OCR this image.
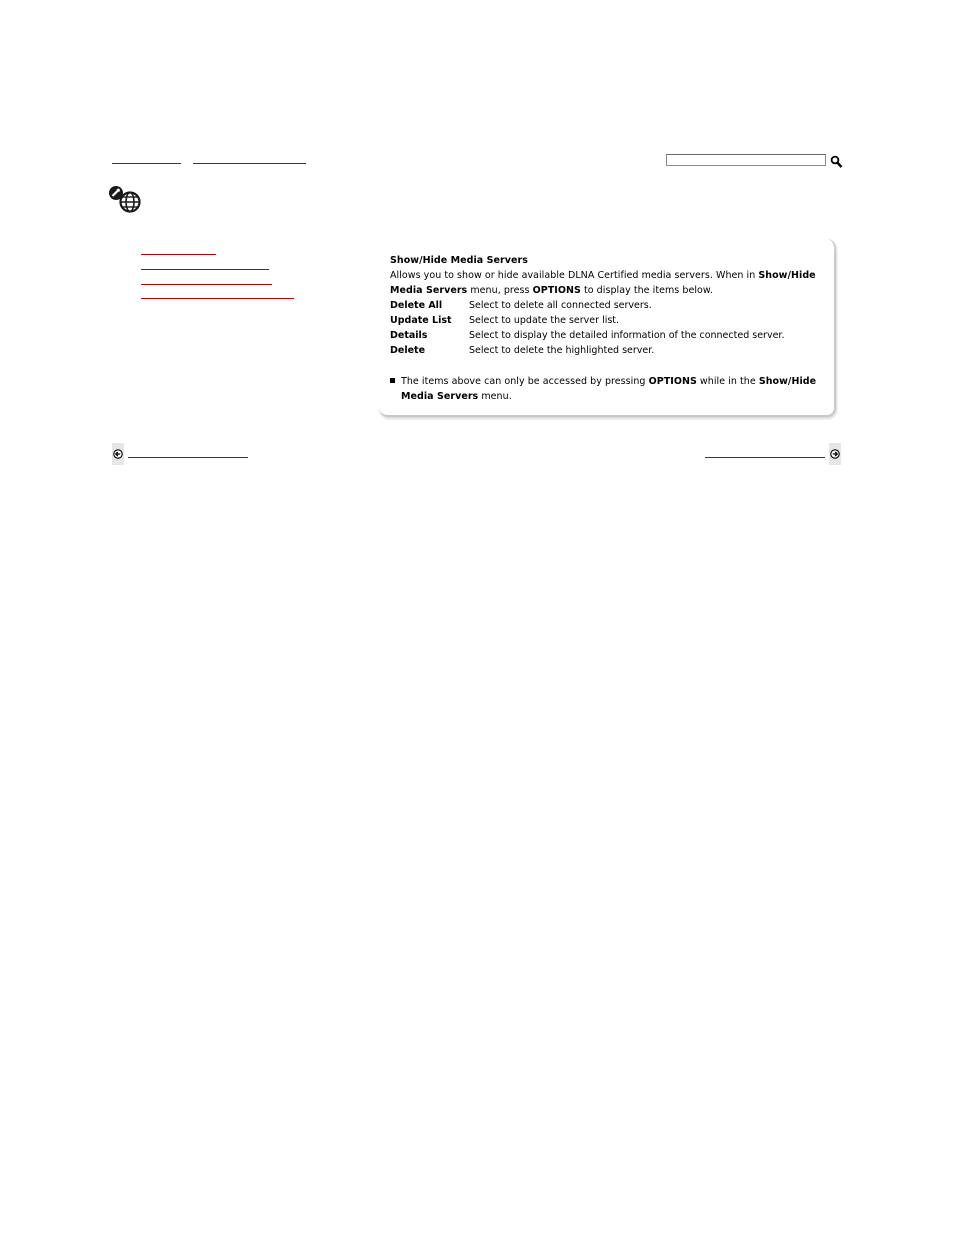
Show/Hide Media Servers
Allows you to show or hide available DLNA Certified media servers. When in Show/Hide
Media Servers menu, press OPTIONS to display the items below.
Delete All	Select to delete all connected servers.
Update List Select to update the server list.
Details	Select to display the detailed information of the connected server.
Delete	Select to delete the highlighted server.
The items above can only be accessed by pressing OPTIONS while in the Show/Hide
Media Servers menu.
